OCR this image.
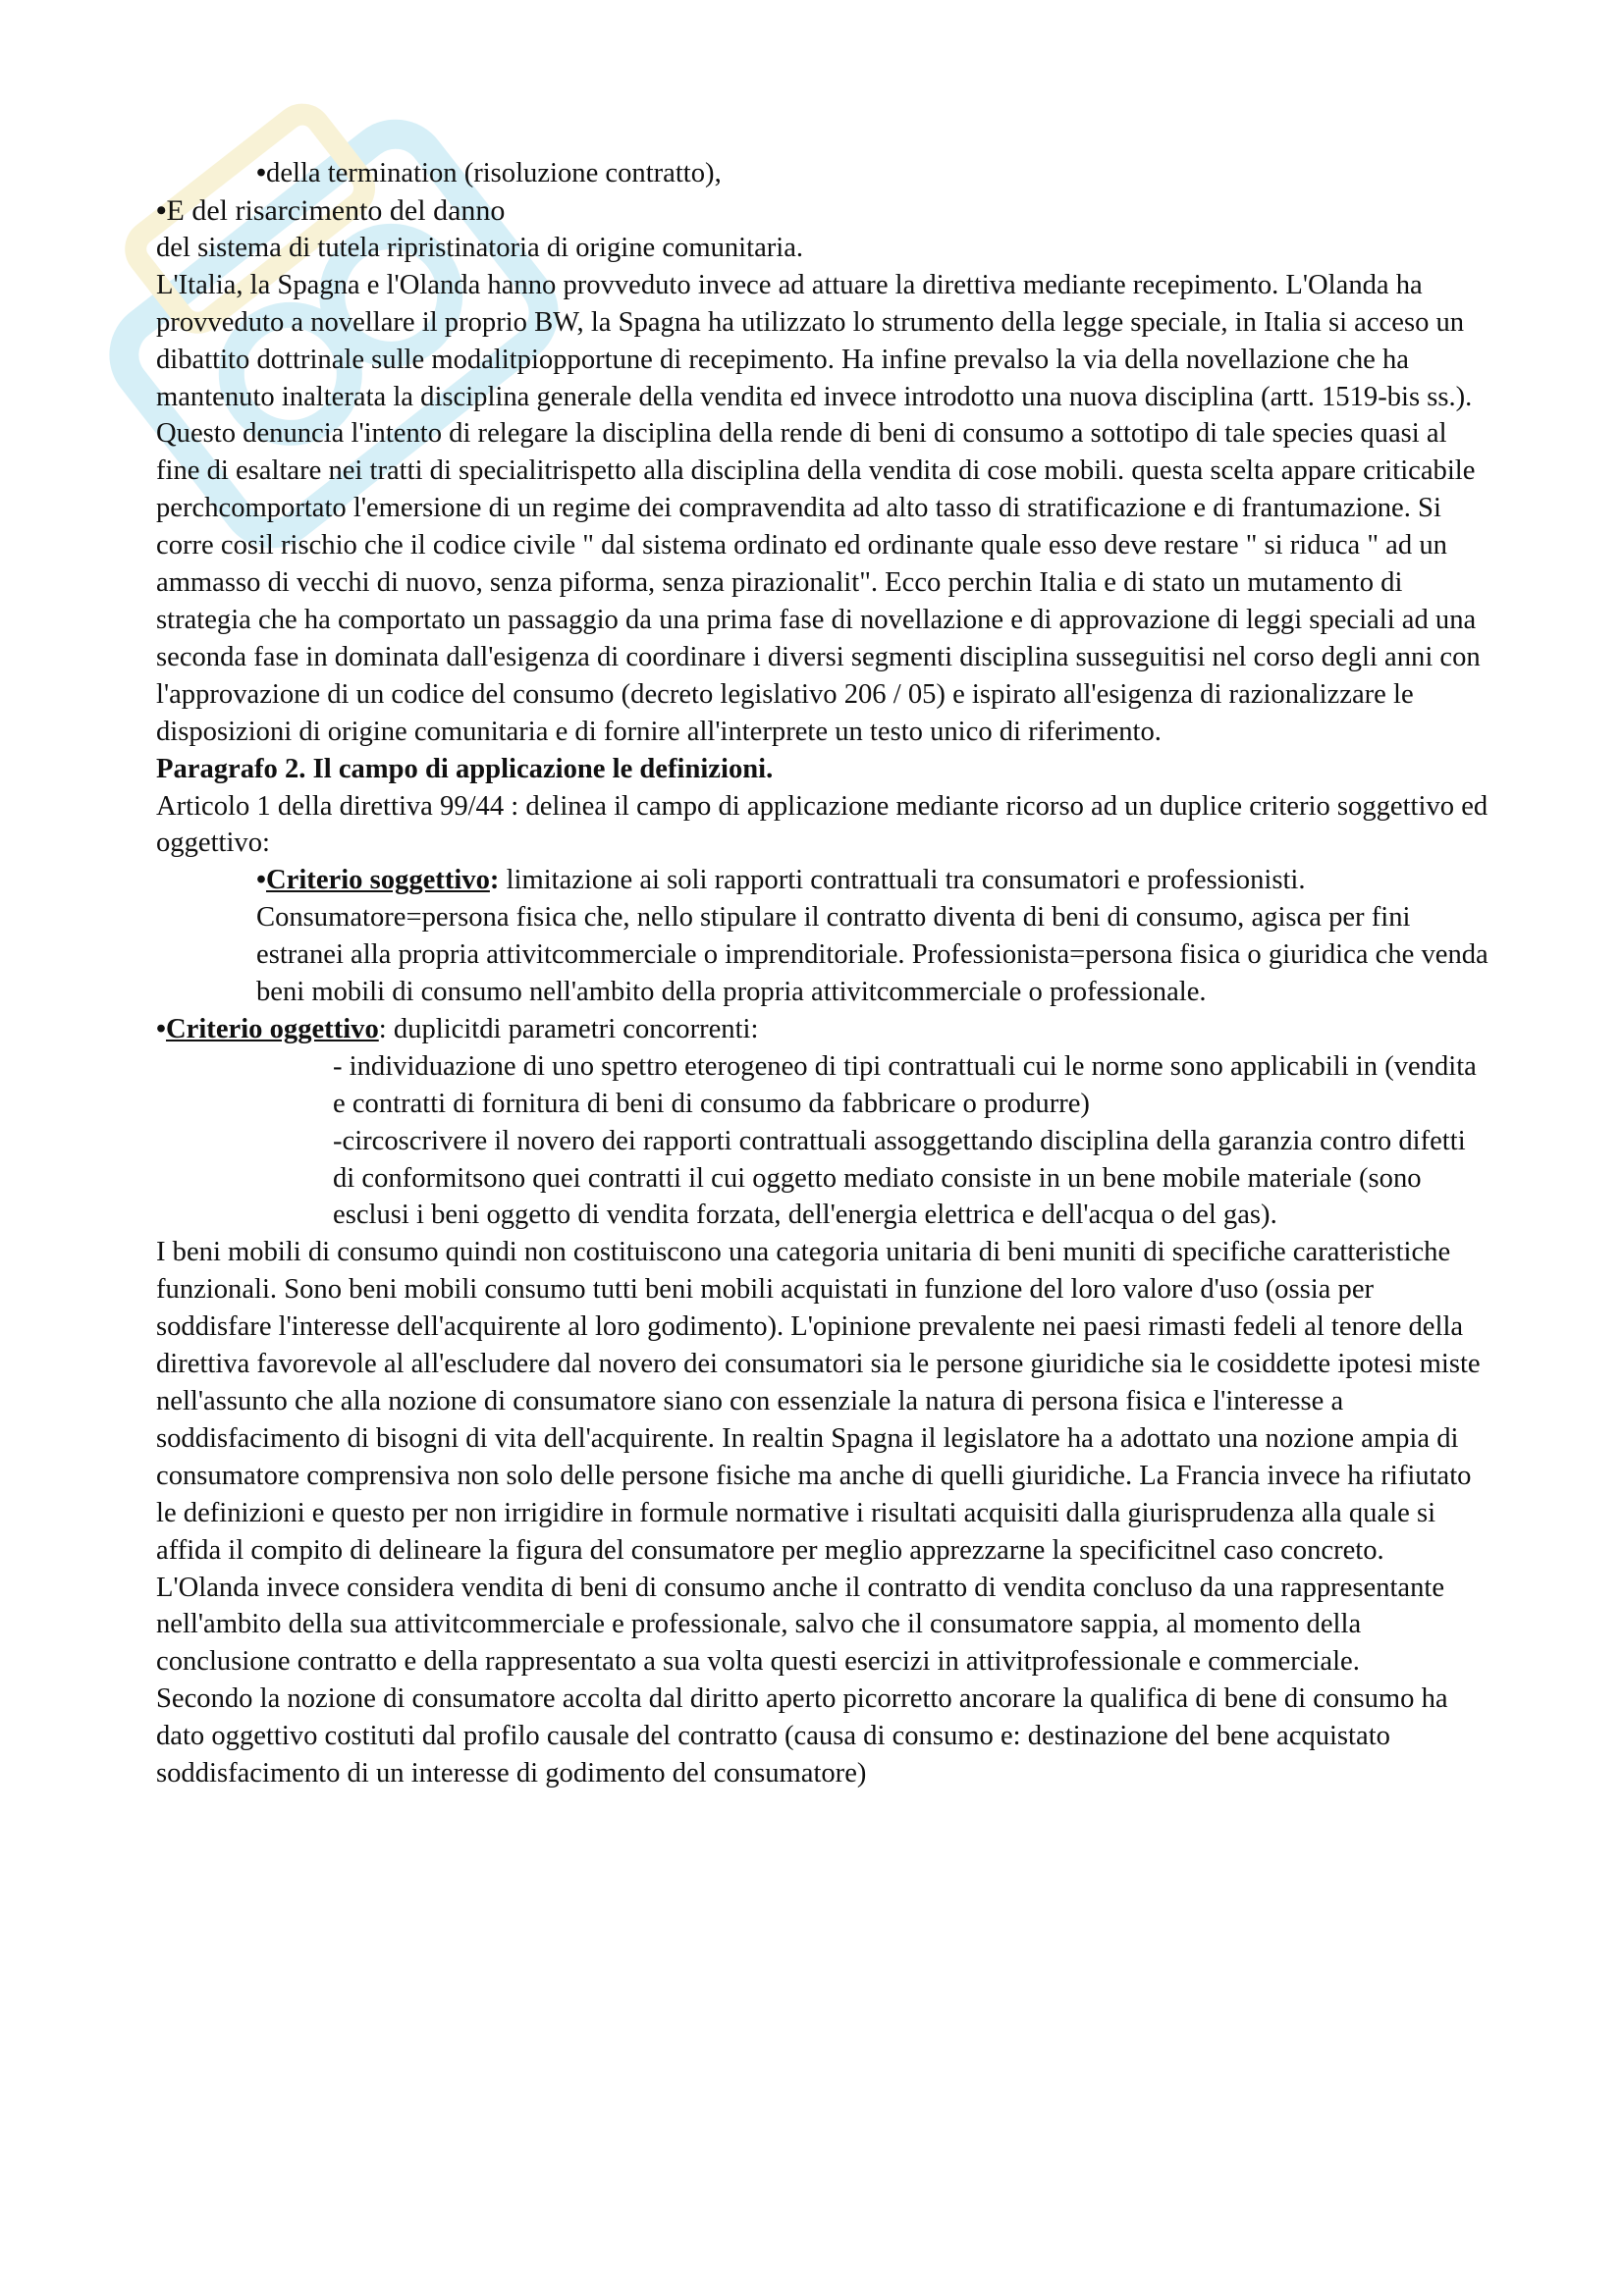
• della termination (risoluzione contratto),

• E del risarcimento del danno

del sistema di tutela ripristinatoria di origine comunitaria.

L'Italia, la Spagna e l'Olanda hanno provveduto invece ad attuare la direttiva mediante recepimento. L'Olanda ha provveduto a novellare il proprio BW, la Spagna ha utilizzato lo strumento della legge speciale, in Italia si acceso un dibattito dottrinale sulle modalitpiopportune di recepimento. Ha infine prevalso la via della novellazione che ha mantenuto inalterata la disciplina generale della vendita ed invece introdotto una nuova disciplina (artt. 1519-bis ss.). Questo denuncia l'intento di relegare la disciplina della rende di beni di consumo a sottotipo di tale species quasi al fine di esaltare nei tratti di specialitrispetto alla disciplina della vendita di cose mobili. questa scelta appare criticabile perchcomportato l'emersione di un regime dei compravendita ad alto tasso di stratificazione e di frantumazione. Si corre cosil rischio che il codice civile " dal sistema ordinato ed ordinante quale esso deve restare " si riduca " ad un ammasso di vecchi di nuovo, senza piforma, senza pirazionalit". Ecco perchin Italia e di stato un mutamento di strategia che ha comportato un passaggio da una prima fase di novellazione e di approvazione di leggi speciali ad una seconda fase in dominata dall'esigenza di coordinare i diversi segmenti disciplina susseguitisi nel corso degli anni con l'approvazione di un codice del consumo (decreto legislativo 206 / 05) e ispirato all'esigenza di razionalizzare le disposizioni di origine comunitaria e di fornire all'interprete un testo unico di riferimento.

Paragrafo 2. Il campo di applicazione le definizioni.

Articolo 1 della direttiva 99/44 : delinea il campo di applicazione mediante ricorso ad un duplice criterio soggettivo ed oggettivo:

• Criterio soggettivo: limitazione ai soli rapporti contrattuali tra consumatori e professionisti. Consumatore=persona fisica che, nello stipulare il contratto diventa di beni di consumo, agisca per fini estranei alla propria attivitcommerciale o imprenditoriale. Professionista=persona fisica o giuridica che venda beni mobili di consumo nell'ambito della propria attivitcommerciale o professionale.

• Criterio oggettivo: duplicitdi parametri concorrenti:

- individuazione di uno spettro eterogeneo di tipi contrattuali cui le norme sono applicabili in (vendita e contratti di fornitura di beni di consumo da fabbricare o produrre)

-circoscrivere il novero dei rapporti contrattuali assoggettando disciplina della garanzia contro difetti di conformitsono quei contratti il cui oggetto mediato consiste in un bene mobile materiale (sono esclusi i beni oggetto di vendita forzata, dell'energia elettrica e dell'acqua o del gas).

I beni mobili di consumo quindi non costituiscono una categoria unitaria di beni muniti di specifiche caratteristiche funzionali. Sono beni mobili consumo tutti beni mobili acquistati in funzione del loro valore d'uso (ossia per soddisfare l'interesse dell'acquirente al loro godimento). L'opinione prevalente nei paesi rimasti fedeli al tenore della direttiva favorevole al all'escludere dal novero dei consumatori sia le persone giuridiche sia le cosiddette ipotesi miste nell'assunto che alla nozione di consumatore siano con essenziale la natura di persona fisica e l'interesse a soddisfacimento di bisogni di vita dell'acquirente. In realtin Spagna il legislatore ha a adottato una nozione ampia di consumatore comprensiva non solo delle persone fisiche ma anche di quelli giuridiche. La Francia invece ha rifiutato le definizioni e questo per non irrigidire in formule normative i risultati acquisiti dalla giurisprudenza alla quale si affida il compito di delineare la figura del consumatore per meglio apprezzarne la specificitnel caso concreto. L'Olanda invece considera vendita di beni di consumo anche il contratto di vendita concluso da una rappresentante nell'ambito della sua attivitcommerciale e professionale, salvo che il consumatore sappia, al momento della conclusione contratto e della rappresentato a sua volta questi esercizi in attivitprofessionale e commerciale.

Secondo la nozione di consumatore accolta dal diritto aperto picorretto ancorare la qualifica di bene di consumo ha dato oggettivo costituti dal profilo causale del contratto (causa di consumo e: destinazione del bene acquistato soddisfacimento di un interesse di godimento del consumatore)
